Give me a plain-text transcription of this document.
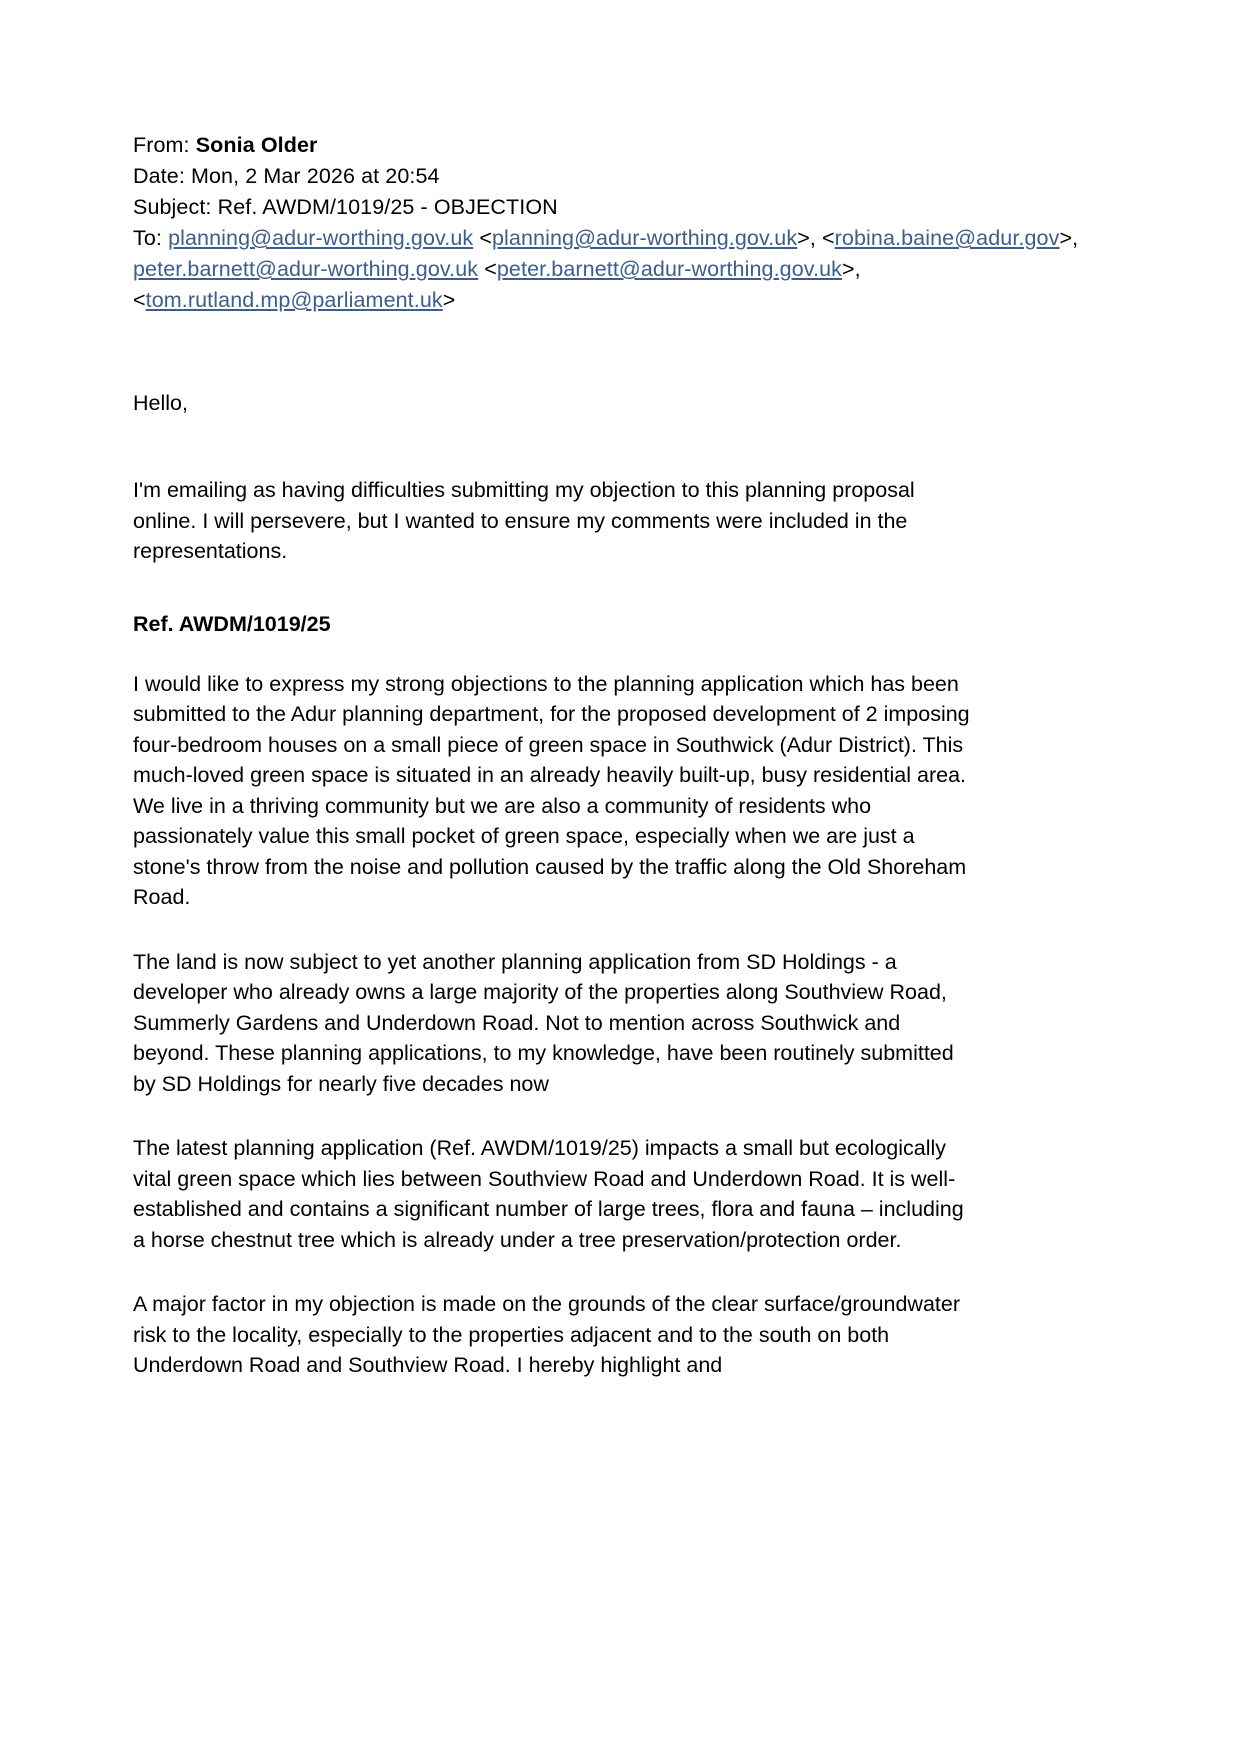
From: Sonia Older
Date: Mon, 2 Mar 2026 at 20:54
Subject: Ref. AWDM/1019/25 - OBJECTION
To: planning@adur-worthing.gov.uk <planning@adur-worthing.gov.uk>, <robina.baine@adur.gov>, peter.barnett@adur-worthing.gov.uk <peter.barnett@adur-worthing.gov.uk>, <tom.rutland.mp@parliament.uk>
Hello,

I'm emailing as having difficulties submitting my objection to this planning proposal online. I will persevere, but I wanted to ensure my comments were included in the representations.

Ref. AWDM/1019/25

I would like to express my strong objections to the planning application which has been submitted to the Adur planning department, for the proposed development of 2 imposing four-bedroom houses on a small piece of green space in Southwick (Adur District). This much-loved green space is situated in an already heavily built-up, busy residential area. We live in a thriving community but we are also a community of residents who passionately value this small pocket of green space, especially when we are just a stone's throw from the noise and pollution caused by the traffic along the Old Shoreham Road.

The land is now subject to yet another planning application from SD Holdings - a developer who already owns a large majority of the properties along Southview Road, Summerly Gardens and Underdown Road. Not to mention across Southwick and beyond. These planning applications, to my knowledge, have been routinely submitted by SD Holdings for nearly five decades now

The latest planning application (Ref. AWDM/1019/25) impacts a small but ecologically vital green space which lies between Southview Road and Underdown Road. It is well-established and contains a significant number of large trees, flora and fauna – including a horse chestnut tree which is already under a tree preservation/protection order.

A major factor in my objection is made on the grounds of the clear surface/groundwater risk to the locality, especially to the properties adjacent and to the south on both Underdown Road and Southview Road. I hereby highlight and
